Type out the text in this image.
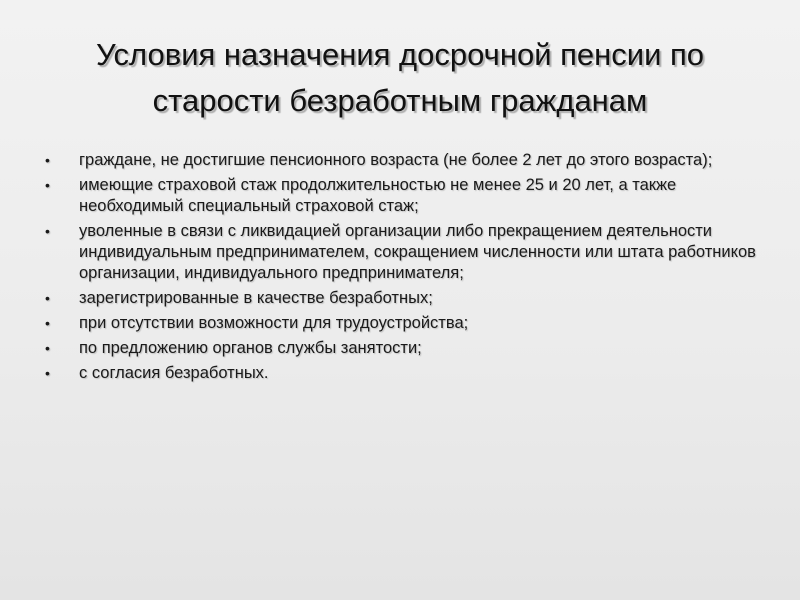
Условия назначения досрочной пенсии по старости безработным гражданам
•	граждане, не достигшие пенсионного возраста (не более 2 лет до этого возраста);
•	имеющие страховой стаж продолжительностью не менее 25 и 20 лет, а также необходимый специальный страховой стаж;
•	уволенные в связи с ликвидацией организации либо прекращением деятельности индивидуальным предпринимателем, сокращением численности или штата работников организации, индивидуального предпринимателя;
•	зарегистрированные в качестве безработных;
•	при отсутствии возможности для трудоустройства;
•	по предложению органов службы занятости;
•	с согласия безработных.
